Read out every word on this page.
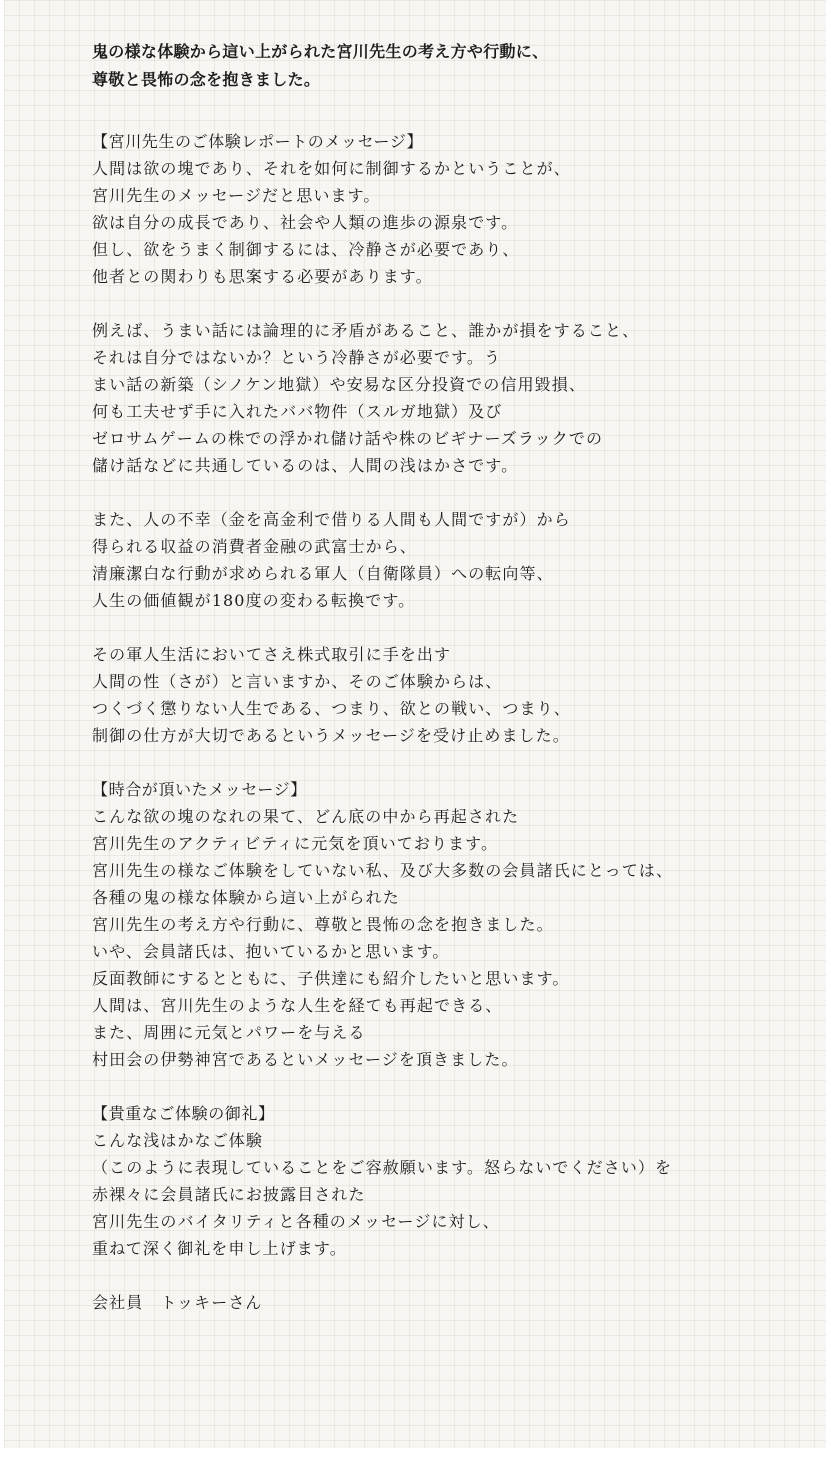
鬼の様な体験から這い上がられた宮川先生の考え方や行動に、
尊敬と畏怖の念を抱きました。
【宮川先生のご体験レポートのメッセージ】
人間は欲の塊であり、それを如何に制御するかということが、
宮川先生のメッセージだと思います。
欲は自分の成長であり、社会や人類の進歩の源泉です。
但し、欲をうまく制御するには、冷静さが必要であり、
他者との関わりも思案する必要があります。
例えば、うまい話には論理的に矛盾があること、誰かが損をすること、
それは自分ではないか？という冷静さが必要です。う
まい話の新築（シノケン地獄）や安易な区分投資での信用毀損、
何も工夫せず手に入れたババ物件（スルガ地獄）及び
ゼロサムゲームの株での浮かれ儲け話や株のビギナーズラックでの
儲け話などに共通しているのは、人間の浅はかさです。
また、人の不幸（金を高金利で借りる人間も人間ですが）から
得られる収益の消費者金融の武富士から、
清廉潔白な行動が求められる軍人（自衛隊員）への転向等、
人生の価値観が180度の変わる転換です。
その軍人生活においてさえ株式取引に手を出す
人間の性（さが）と言いますか、そのご体験からは、
つくづく懲りない人生である、つまり、欲との戦い、つまり、
制御の仕方が大切であるというメッセージを受け止めました。
【時合が頂いたメッセージ】
こんな欲の塊のなれの果て、どん底の中から再起された
宮川先生のアクティビティに元気を頂いております。
宮川先生の様なご体験をしていない私、及び大多数の会員諸氏にとっては、
各種の鬼の様な体験から這い上がられた
宮川先生の考え方や行動に、尊敬と畏怖の念を抱きました。
いや、会員諸氏は、抱いているかと思います。
反面教師にするとともに、子供達にも紹介したいと思います。
人間は、宮川先生のような人生を経ても再起できる、
また、周囲に元気とパワーを与える
村田会の伊勢神宮であるといメッセージを頂きました。
【貴重なご体験の御礼】
こんな浅はかなご体験
（このように表現していることをご容赦願います。怒らないでください）を
赤裸々に会員諸氏にお披露目された
宮川先生のバイタリティと各種のメッセージに対し、
重ねて深く御礼を申し上げます。
会社員　トッキーさん
